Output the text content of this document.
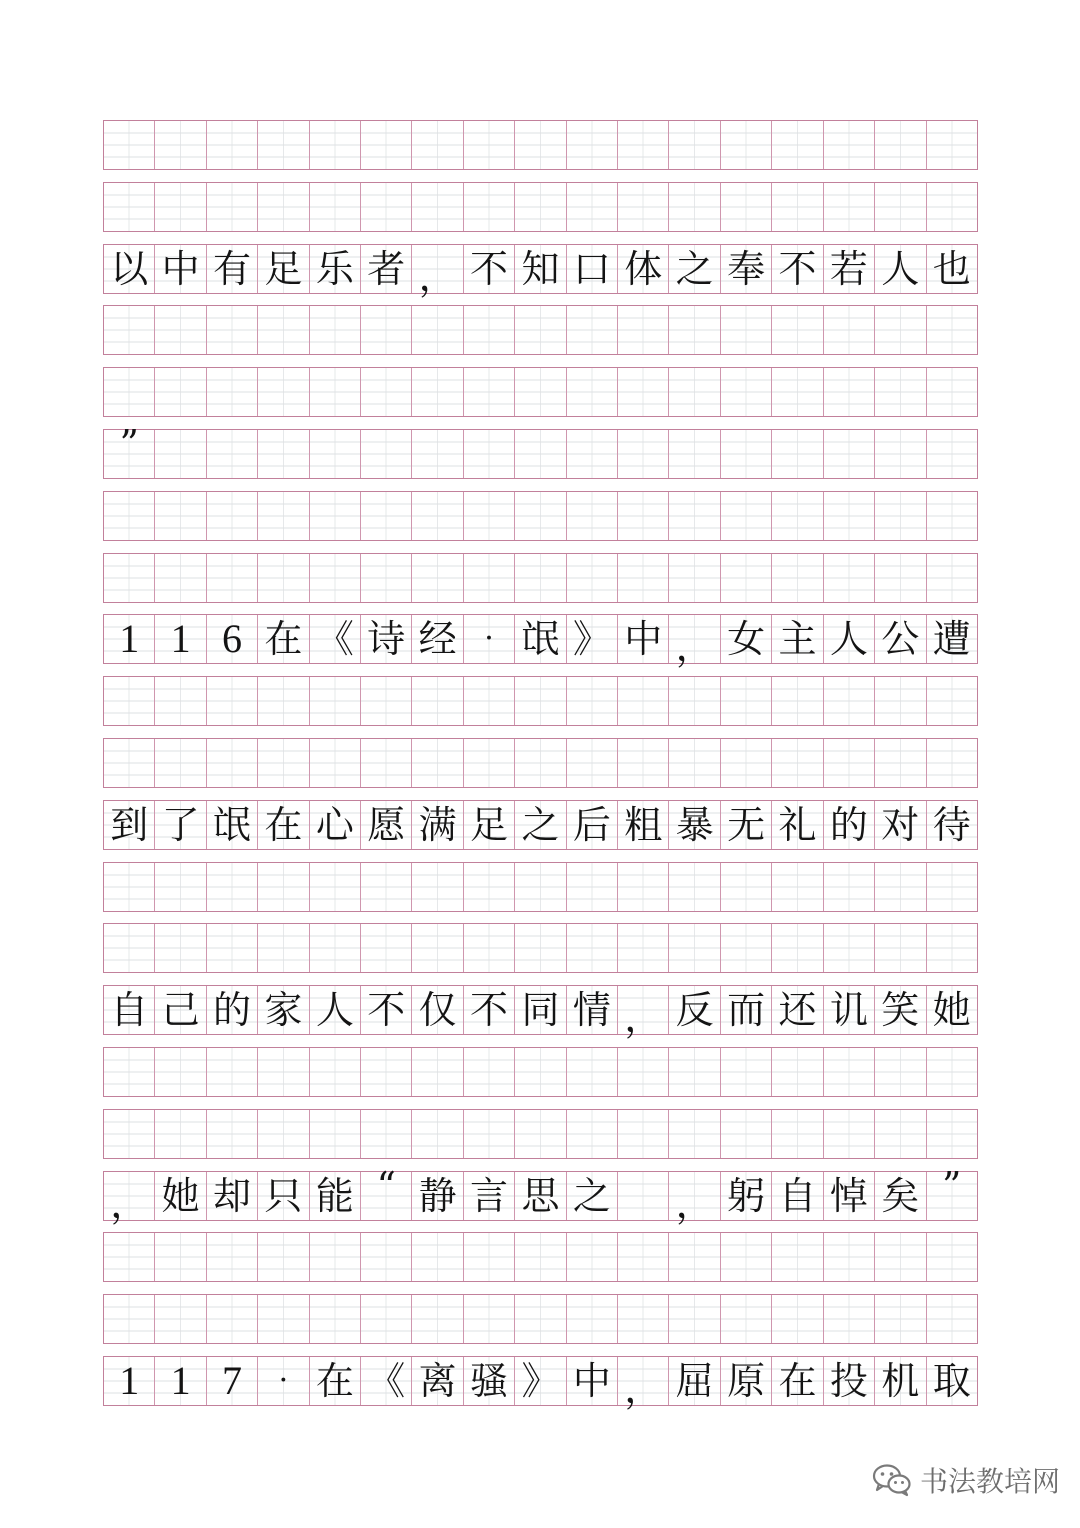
以 中 有 足 乐 者 ， 不 知 口 体 之 奉 不 若 人 也
”
1 1 6 在 《 诗 经 · 氓 》 中 ， 女 主 人 公 遭
到 了 氓 在 心 愿 满 足 之 后 粗 暴 无 礼 的 对 待
自 己 的 家 人 不 仅 不 同 情 ， 反 而 还 讥 笑 她
， 她 却 只 能 “ 静 言 思 之 ， 躬 自 悼 矣 ”
1 1 7 · 在 《 离 骚 》 中 ， 屈 原 在 投 机 取
书法教培网
